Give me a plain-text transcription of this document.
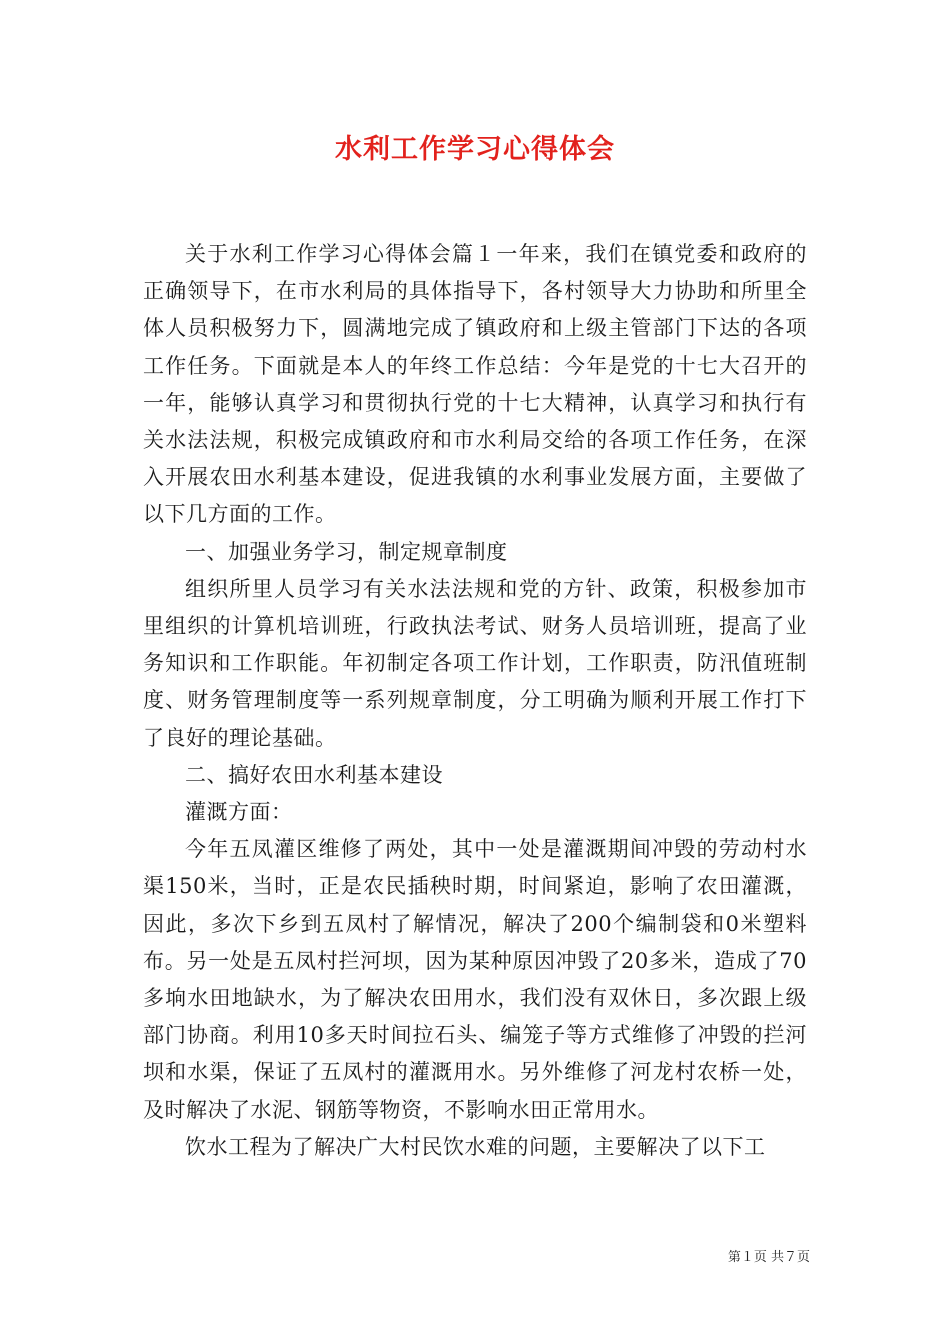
水利工作学习心得体会

关于水利工作学习心得体会篇１一年来，我们在镇党委和政府的正确领导下，在市水利局的具体指导下，各村领导大力协助和所里全体人员积极努力下，圆满地完成了镇政府和上级主管部门下达的各项工作任务。下面就是本人的年终工作总结：今年是党的十七大召开的一年，能够认真学习和贯彻执行党的十七大精神，认真学习和执行有关水法法规，积极完成镇政府和市水利局交给的各项工作任务，在深入开展农田水利基本建设，促进我镇的水利事业发展方面，主要做了以下几方面的工作。

一、加强业务学习，制定规章制度

组织所里人员学习有关水法法规和党的方针、政策，积极参加市里组织的计算机培训班，行政执法考试、财务人员培训班，提高了业务知识和工作职能。年初制定各项工作计划，工作职责，防汛值班制度、财务管理制度等一系列规章制度，分工明确为顺利开展工作打下了良好的理论基础。

二、搞好农田水利基本建设

灌溉方面：

今年五凤灌区维修了两处，其中一处是灌溉期间冲毁的劳动村水渠150米，当时，正是农民插秧时期，时间紧迫，影响了农田灌溉，因此，多次下乡到五凤村了解情况，解决了200个编制袋和0米塑料布。另一处是五凤村拦河坝，因为某种原因冲毁了20多米，造成了70多垧水田地缺水，为了解决农田用水，我们没有双休日，多次跟上级部门协商。利用10多天时间拉石头、编笼子等方式维修了冲毁的拦河坝和水渠，保证了五凤村的灌溉用水。另外维修了河龙村农桥一处，及时解决了水泥、钢筋等物资，不影响水田正常用水。

饮水工程为了解决广大村民饮水难的问题，主要解决了以下工

第１页 共７页
